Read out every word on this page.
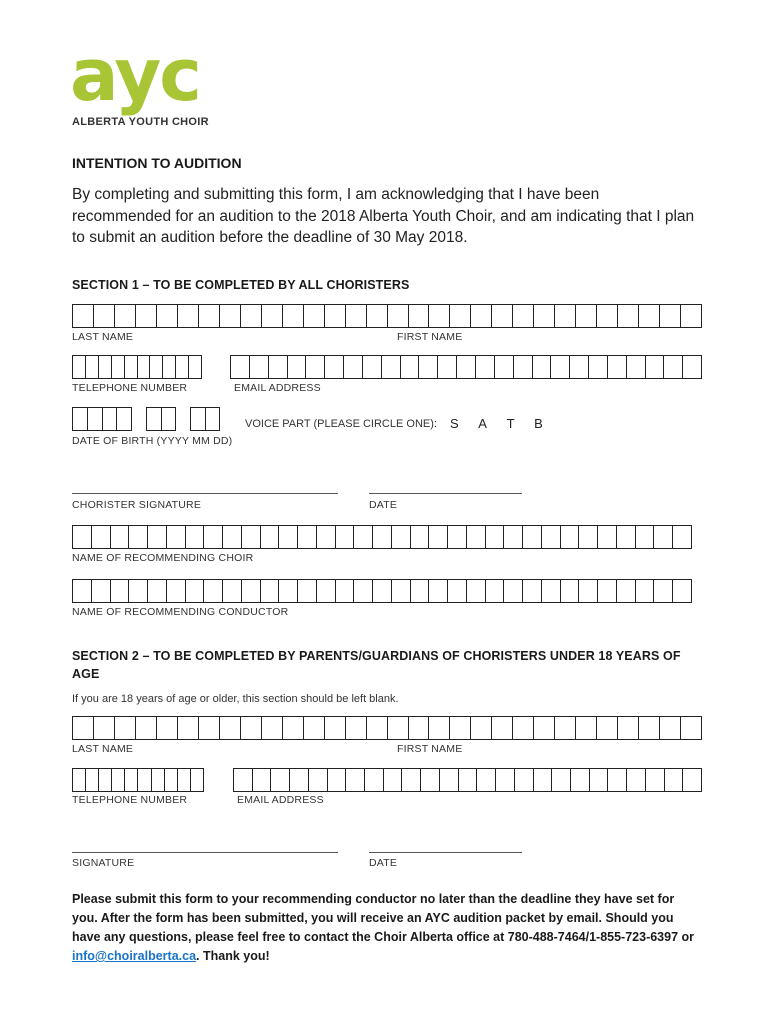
ayc
ALBERTA YOUTH CHOIR
INTENTION TO AUDITION
By completing and submitting this form, I am acknowledging that I have been recommended for an audition to the 2018 Alberta Youth Choir, and am indicating that I plan to submit an audition before the deadline of 30 May 2018.
SECTION 1 – TO BE COMPLETED BY ALL CHORISTERS
LAST NAME	FIRST NAME
TELEPHONE NUMBER	EMAIL ADDRESS
VOICE PART (PLEASE CIRCLE ONE): S A T B
DATE OF BIRTH (YYYY MM DD)
CHORISTER SIGNATURE	DATE
NAME OF RECOMMENDING CHOIR
NAME OF RECOMMENDING CONDUCTOR
SECTION 2 – TO BE COMPLETED BY PARENTS/GUARDIANS OF CHORISTERS UNDER 18 YEARS OF AGE
If you are 18 years of age or older, this section should be left blank.
LAST NAME	FIRST NAME
TELEPHONE NUMBER	EMAIL ADDRESS
SIGNATURE	DATE
Please submit this form to your recommending conductor no later than the deadline they have set for you. After the form has been submitted, you will receive an AYC audition packet by email. Should you have any questions, please feel free to contact the Choir Alberta office at 780-488-7464/1-855-723-6397 or info@choiralberta.ca. Thank you!
